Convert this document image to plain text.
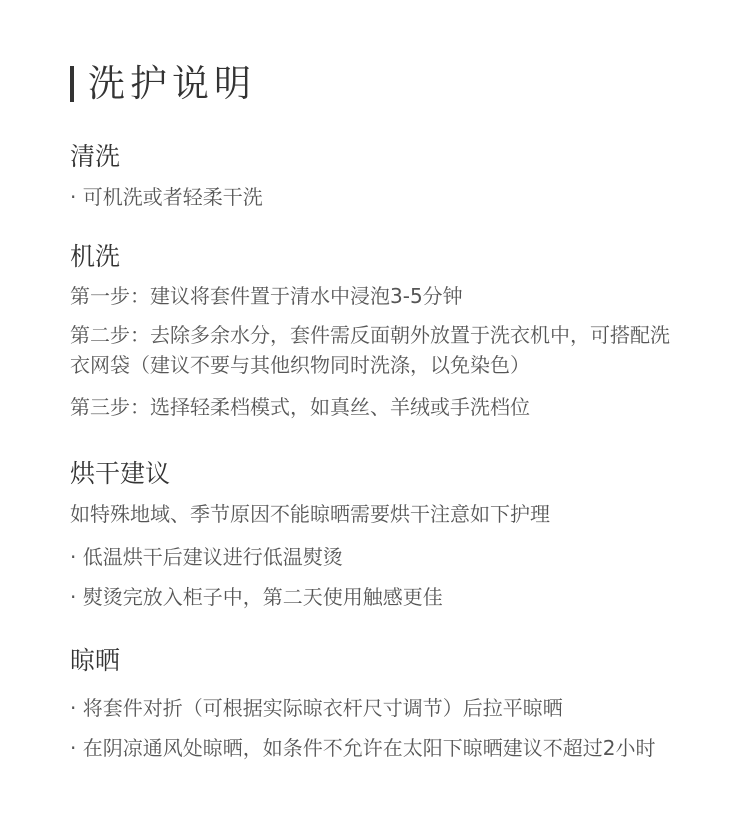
洗护说明
清洗
· 可机洗或者轻柔干洗
机洗
第一步：建议将套件置于清水中浸泡3-5分钟
第二步：去除多余水分，套件需反面朝外放置于洗衣机中，可搭配洗衣网袋（建议不要与其他织物同时洗涤，以免染色）
第三步：选择轻柔档模式，如真丝、羊绒或手洗档位
烘干建议
如特殊地域、季节原因不能晾晒需要烘干注意如下护理
· 低温烘干后建议进行低温熨烫
· 熨烫完放入柜子中，第二天使用触感更佳
晾晒
· 将套件对折（可根据实际晾衣杆尺寸调节）后拉平晾晒
· 在阴凉通风处晾晒，如条件不允许在太阳下晾晒建议不超过2小时
